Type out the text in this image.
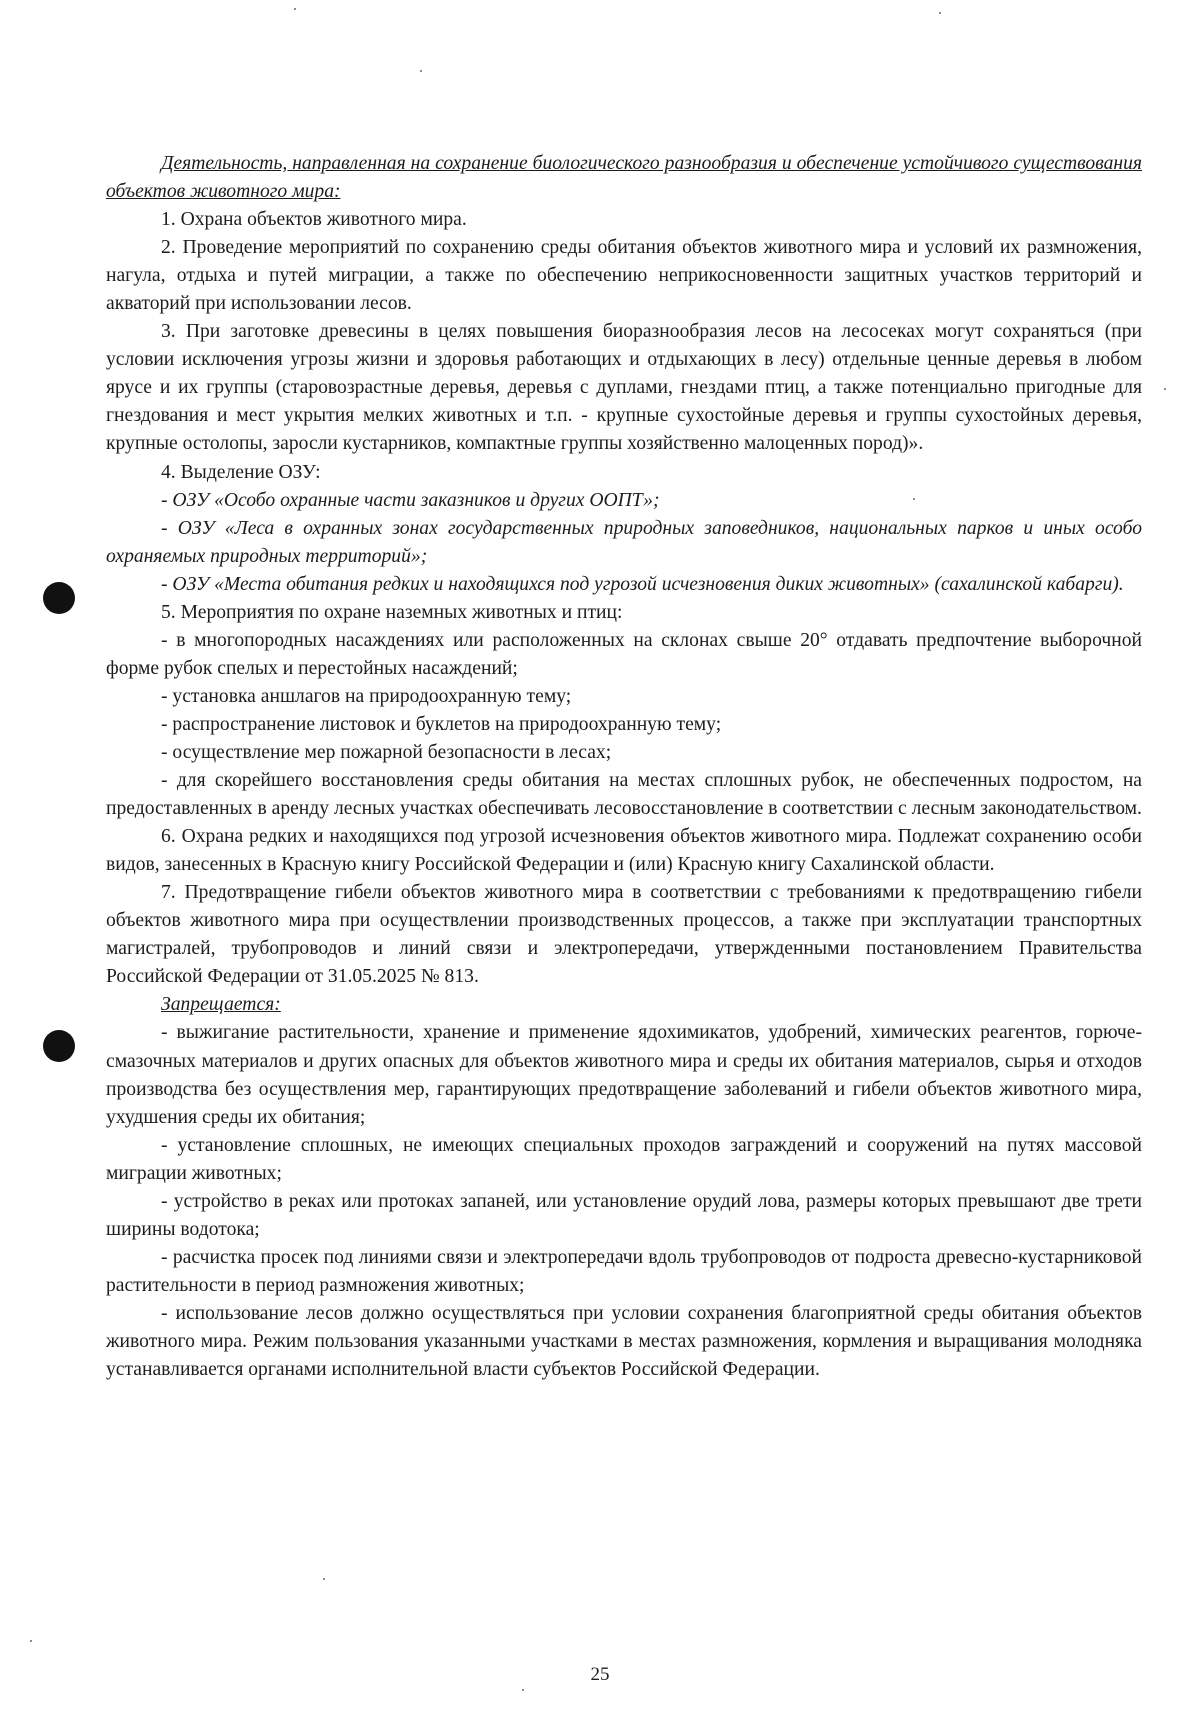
Деятельность, направленная на сохранение биологического разнообразия и обеспечение устойчивого существования объектов животного мира:

1. Охрана объектов животного мира.

2. Проведение мероприятий по сохранению среды обитания объектов животного мира и условий их размножения, нагула, отдыха и путей миграции, а также по обеспечению неприкосновенности защитных участков территорий и акваторий при использовании лесов.

3. При заготовке древесины в целях повышения биоразнообразия лесов на лесосеках могут сохраняться (при условии исключения угрозы жизни и здоровья работающих и отдыхающих в лесу) отдельные ценные деревья в любом ярусе и их группы (старовозрастные деревья, деревья с дуплами, гнездами птиц, а также потенциально пригодные для гнездования и мест укрытия мелких животных и т.п. - крупные сухостойные деревья и группы сухостойных деревья, крупные остолопы, заросли кустарников, компактные группы хозяйственно малоценных пород)».

4. Выделение ОЗУ:

- ОЗУ «Особо охранные части заказников и других ООПТ»;

- ОЗУ «Леса в охранных зонах государственных природных заповедников, национальных парков и иных особо охраняемых природных территорий»;

- ОЗУ «Места обитания редких и находящихся под угрозой исчезновения диких животных» (сахалинской кабарги).

5. Мероприятия по охране наземных животных и птиц:

- в многопородных насаждениях или расположенных на склонах свыше 20° отдавать предпочтение выборочной форме рубок спелых и перестойных насаждений;

- установка аншлагов на природоохранную тему;

- распространение листовок и буклетов на природоохранную тему;

- осуществление мер пожарной безопасности в лесах;

- для скорейшего восстановления среды обитания на местах сплошных рубок, не обеспеченных подростом, на предоставленных в аренду лесных участках обеспечивать лесовосстановление в соответствии с лесным законодательством.

6. Охрана редких и находящихся под угрозой исчезновения объектов животного мира. Подлежат сохранению особи видов, занесенных в Красную книгу Российской Федерации и (или) Красную книгу Сахалинской области.

7. Предотвращение гибели объектов животного мира в соответствии с требованиями к предотвращению гибели объектов животного мира при осуществлении производственных процессов, а также при эксплуатации транспортных магистралей, трубопроводов и линий связи и электропередачи, утвержденными постановлением Правительства Российской Федерации от 31.05.2025 № 813.

Запрещается:

- выжигание растительности, хранение и применение ядохимикатов, удобрений, химических реагентов, горюче-смазочных материалов и других опасных для объектов животного мира и среды их обитания материалов, сырья и отходов производства без осуществления мер, гарантирующих предотвращение заболеваний и гибели объектов животного мира, ухудшения среды их обитания;

- установление сплошных, не имеющих специальных проходов заграждений и сооружений на путях массовой миграции животных;

- устройство в реках или протоках запаней, или установление орудий лова, размеры которых превышают две трети ширины водотока;

- расчистка просек под линиями связи и электропередачи вдоль трубопроводов от подроста древесно-кустарниковой растительности в период размножения животных;

- использование лесов должно осуществляться при условии сохранения благоприятной среды обитания объектов животного мира. Режим пользования указанными участками в местах размножения, кормления и выращивания молодняка устанавливается органами исполнительной власти субъектов Российской Федерации.

25
